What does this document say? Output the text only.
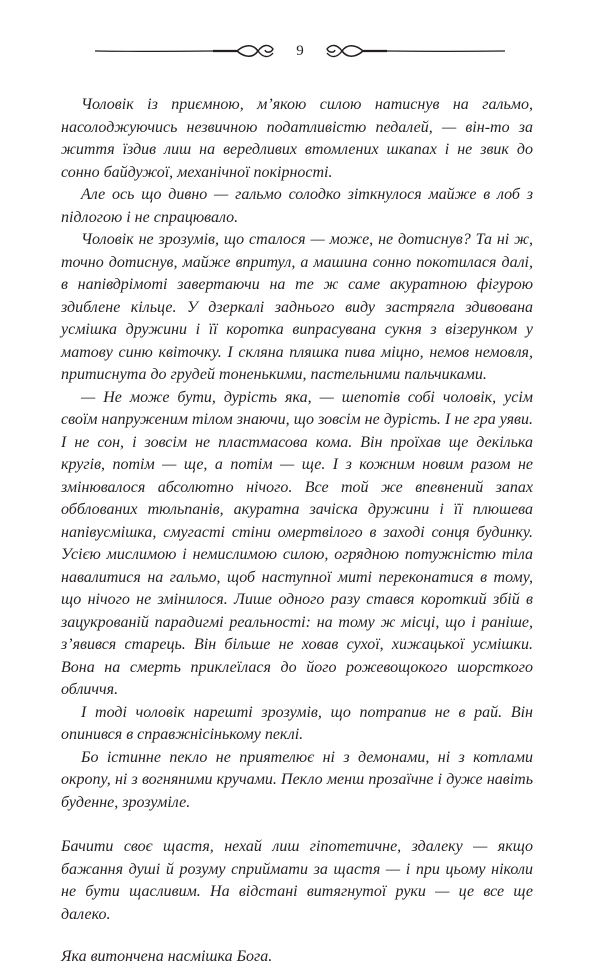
9

Чоловік із приємною, м’якою силою натиснув на гальмо, насолоджуючись незвичною податливістю педалей, — він-то за життя їздив лиш на вередливих втомлених шкапах і не звик до сонно байдужої, механічної покірності.

Але ось що дивно — гальмо солодко зіткнулося майже в лоб з підлогою і не спрацювало.

Чоловік не зрозумів, що сталося — може, не дотиснув? Та ні ж, точно дотиснув, майже впритул, а машина сонно покотилася далі, в напівдрімоті завертаючи на те ж саме акуратною фігурою здиблене кільце. У дзеркалі заднього виду застрягла здивована усмішка дружини і її коротка випрасувана сукня з візерунком у матову синю квіточку. І скляна пляшка пива міцно, немов немовля, притиснута до грудей тоненькими, пастельними пальчиками.

— Не може бути, дурість яка, — шепотів собі чоловік, усім своїм напруженим тілом знаючи, що зовсім не дурість. І не гра уяви. І не сон, і зовсім не пластмасова кома. Він проїхав ще декілька кругів, потім — ще, а потім — ще. І з кожним новим разом не змінювалося абсолютно нічого. Все той же впевнений запах обблованих тюльпанів, акуратна зачіска дружини і її плюшева напівусмішка, смугасті стіни омертвілого в заході сонця будинку. Усією мислимою і немислимою силою, огрядною потужністю тіла навалитися на гальмо, щоб наступної миті переконатися в тому, що нічого не змінилося. Лише одного разу стався короткий збій в зацукрованій парадигмі реальності: на тому ж місці, що і раніше, з’явився старець. Він більше не ховав сухої, хижацької усмішки. Вона на смерть приклеїлася до його рожевощокого шорсткого обличчя.

І тоді чоловік нарешті зрозумів, що потрапив не в рай. Він опинився в справжнісінькому пеклі.

Бо істинне пекло не приятелює ні з демонами, ні з котлами окропу, ні з вогняними кручами. Пекло менш прозаїчне і дуже навіть буденне, зрозуміле.

Бачити своє щастя, нехай лиш гіпотетичне, здалеку — якщо бажання душі й розуму сприймати за щастя — і при цьому ніколи не бути щасливим. На відстані витягнутої руки — це все ще далеко.

Яка витончена насмішка Бога.
